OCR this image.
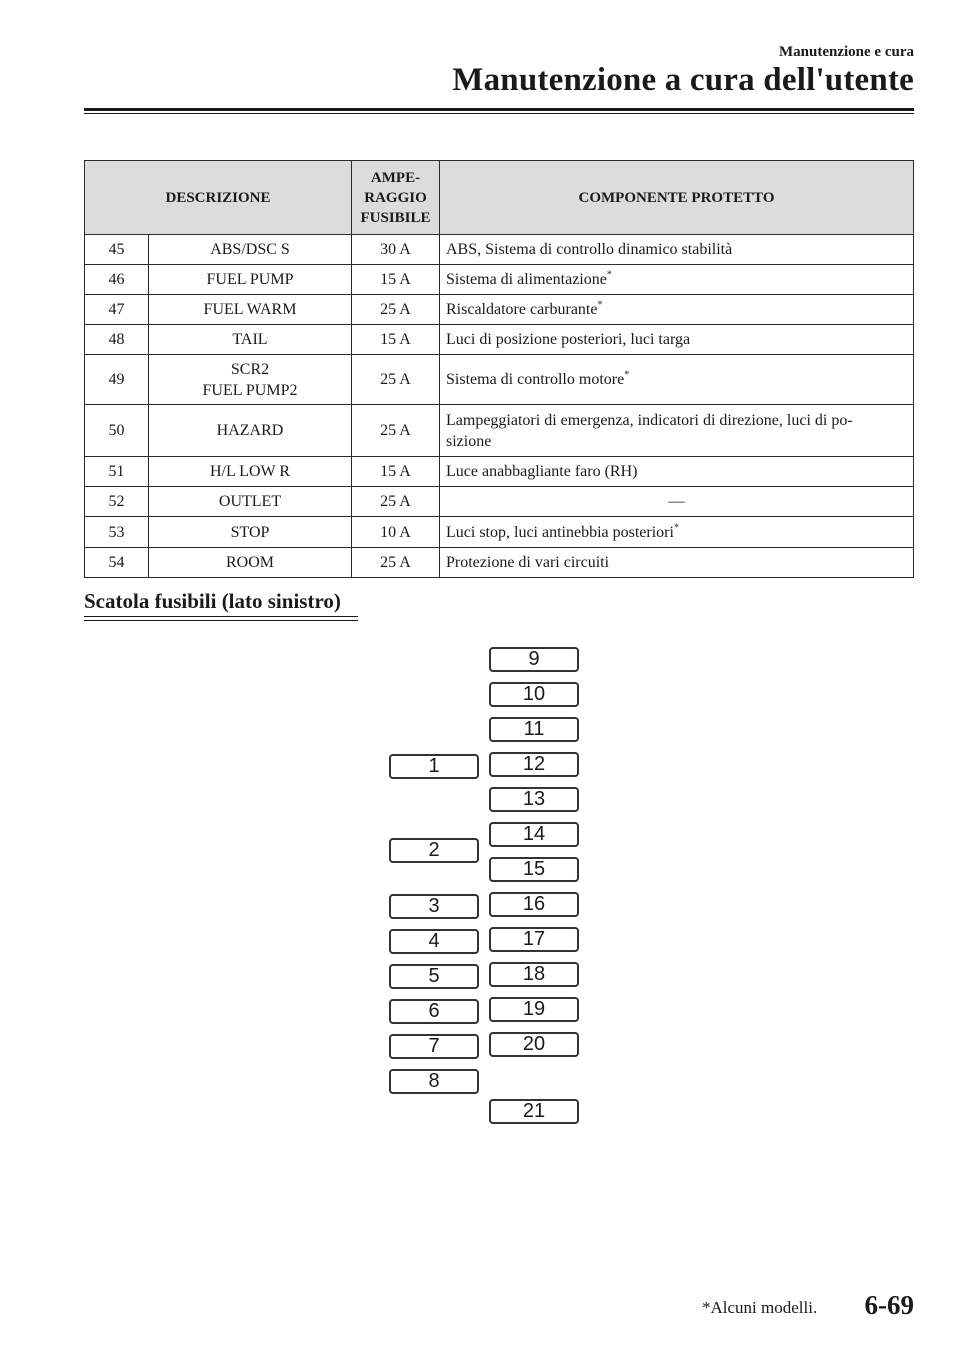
Manutenzione e cura
Manutenzione a cura dell'utente
DESCRIZIONE		AMPE-
RAGGIO
FUSIBILE	COMPONENTE PROTETTO
45	ABS/DSC S	30 A	ABS, Sistema di controllo dinamico stabilità
46	FUEL PUMP	15 A	Sistema di alimentazione*
47	FUEL WARM	25 A	Riscaldatore carburante*
48	TAIL	15 A	Luci di posizione posteriori, luci targa
49	SCR2
FUEL PUMP2	25 A	Sistema di controllo motore*
50	HAZARD	25 A	Lampeggiatori di emergenza, indicatori di direzione, luci di po-
sizione
51	H/L LOW R	15 A	Luce anabbagliante faro (RH)
52	OUTLET	25 A	—
53	STOP	10 A	Luci stop, luci antinebbia posteriori*
54	ROOM	25 A	Protezione di vari circuiti
Scatola fusibili (lato sinistro)
1
2
3
4
5
6
7
8
9
10
11
12
13
14
15
16
17
18
19
20
21
*Alcuni modelli. 6-69
